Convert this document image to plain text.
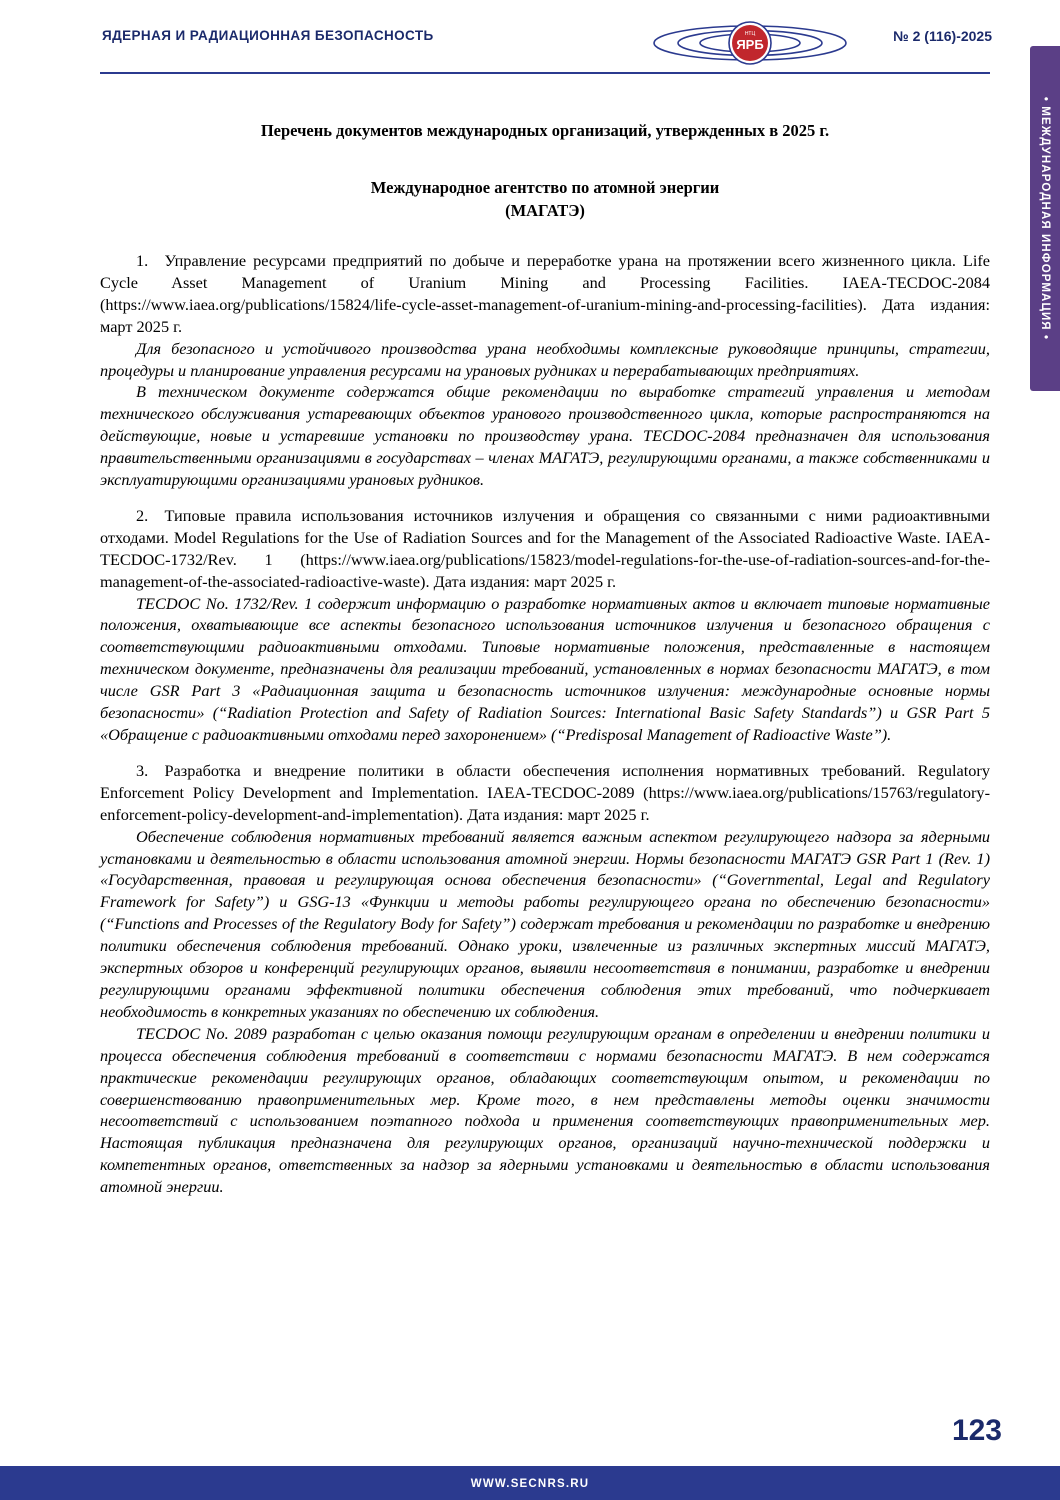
ЯДЕРНАЯ И РАДИАЦИОННАЯ БЕЗОПАСНОСТЬ	№ 2 (116)-2025
ЯРБ
НТЦ
• МЕЖДУНАРОДНАЯ ИНФОРМАЦИЯ •
Перечень документов международных организаций, утвержденных в 2025 г.
Международное агентство по атомной энергии
(МАГАТЭ)

1. Управление ресурсами предприятий по добыче и переработке урана на протяжении всего жизненного цикла. Life Cycle Asset Management of Uranium Mining and Processing Facilities. IAEA-TECDOC-2084 (https://www.iaea.org/publications/15824/life-cycle-asset-management-of-uranium-mining-and-processing-facilities). Дата издания: март 2025 г.

Для безопасного и устойчивого производства урана необходимы комплексные руководящие принципы, стратегии, процедуры и планирование управления ресурсами на урановых рудниках и перерабатывающих предприятиях.

В техническом документе содержатся общие рекомендации по выработке стратегий управления и методам технического обслуживания устаревающих объектов уранового производственного цикла, которые распространяются на действующие, новые и устаревшие установки по производству урана. TECDOC-2084 предназначен для использования правительственными организациями в государствах – членах МАГАТЭ, регулирующими органами, а также собственниками и эксплуатирующими организациями урановых рудников.

2. Типовые правила использования источников излучения и обращения со связанными с ними радиоактивными отходами. Model Regulations for the Use of Radiation Sources and for the Management of the Associated Radioactive Waste. IAEA-TECDOC-1732/Rev. 1 (https://www.iaea.org/publications/15823/model-regulations-for-the-use-of-radiation-sources-and-for-the-management-of-the-associated-radioactive-waste). Дата издания: март 2025 г.

TECDOC No. 1732/Rev. 1 содержит информацию о разработке нормативных актов и включает типовые нормативные положения, охватывающие все аспекты безопасного использования источников излучения и безопасного обращения с соответствующими радиоактивными отходами. Типовые нормативные положения, представленные в настоящем техническом документе, предназначены для реализации требований, установленных в нормах безопасности МАГАТЭ, в том числе GSR Part 3 «Радиационная защита и безопасность источников излучения: международные основные нормы безопасности» (“Radiation Protection and Safety of Radiation Sources: International Basic Safety Standards”) и GSR Part 5 «Обращение с радиоактивными отходами перед захоронением» (“Predisposal Management of Radioactive Waste”).

3. Разработка и внедрение политики в области обеспечения исполнения нормативных требований. Regulatory Enforcement Policy Development and Implementation. IAEA-TECDOC-2089 (https://www.iaea.org/publications/15763/regulatory-enforcement-policy-development-and-implementation). Дата издания: март 2025 г.

Обеспечение соблюдения нормативных требований является важным аспектом регулирующего надзора за ядерными установками и деятельностью в области использования атомной энергии. Нормы безопасности МАГАТЭ GSR Part 1 (Rev. 1) «Государственная, правовая и регулирующая основа обеспечения безопасности» (“Governmental, Legal and Regulatory Framework for Safety”) и GSG-13 «Функции и методы работы регулирующего органа по обеспечению безопасности» (“Functions and Processes of the Regulatory Body for Safety”) содержат требования и рекомендации по разработке и внедрению политики обеспечения соблюдения требований. Однако уроки, извлеченные из различных экспертных миссий МАГАТЭ, экспертных обзоров и конференций регулирующих органов, выявили несоответствия в понимании, разработке и внедрении регулирующими органами эффективной политики обеспечения соблюдения этих требований, что подчеркивает необходимость в конкретных указаниях по обеспечению их соблюдения.

TECDOC No. 2089 разработан с целью оказания помощи регулирующим органам в определении и внедрении политики и процесса обеспечения соблюдения требований в соответствии с нормами безопасности МАГАТЭ. В нем содержатся практические рекомендации регулирующих органов, обладающих соответствующим опытом, и рекомендации по совершенствованию правоприменительных мер. Кроме того, в нем представлены методы оценки значимости несоответствий с использованием поэтапного подхода и применения соответствующих правоприменительных мер. Настоящая публикация предназначена для регулирующих органов, организаций научно-технической поддержки и компетентных органов, ответственных за надзор за ядерными установками и деятельностью в области использования атомной энергии.

123
WWW.SECNRS.RU
